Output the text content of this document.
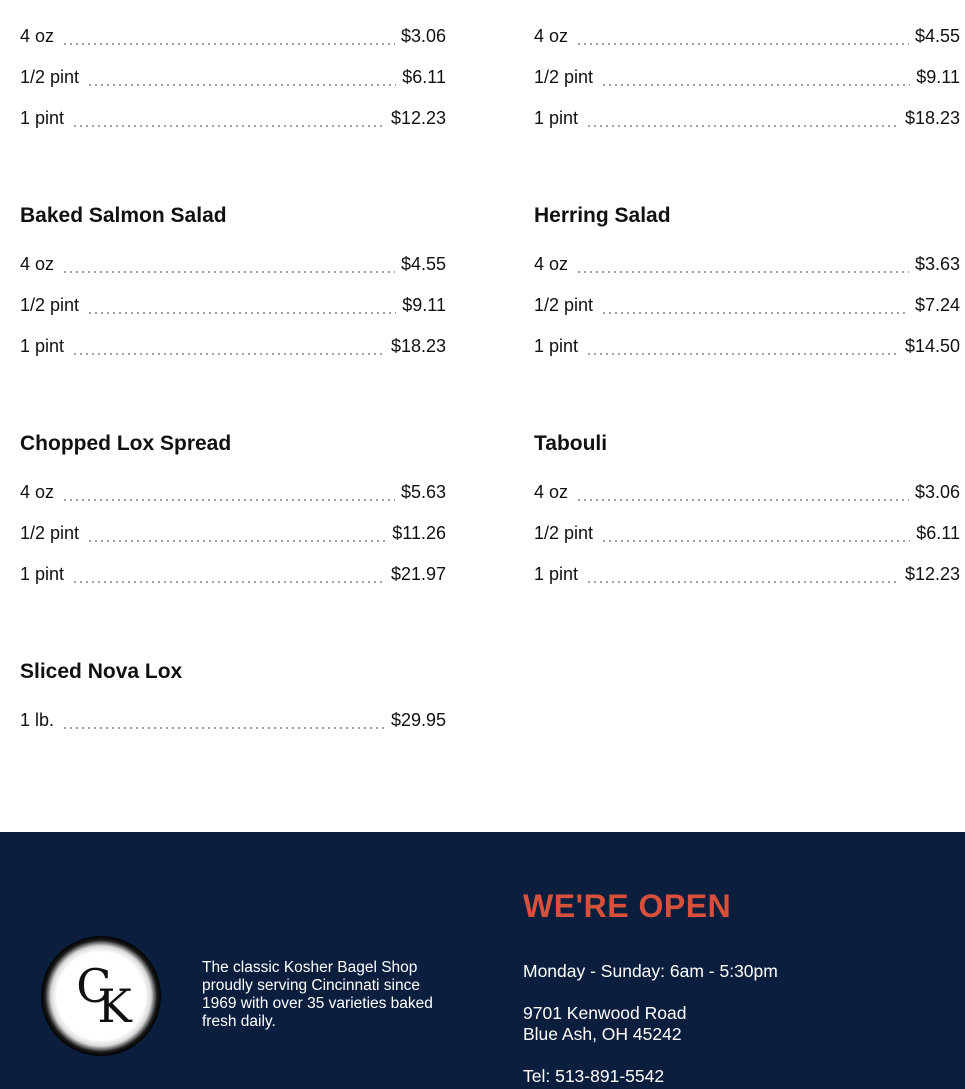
4 oz	$3.06
1/2 pint	$6.11
1 pint	$12.23
Baked Salmon Salad
4 oz	$4.55
1/2 pint	$9.11
1 pint	$18.23
Chopped Lox Spread
4 oz	$5.63
1/2 pint	$11.26
1 pint	$21.97
Sliced Nova Lox
1 lb.	$29.95
4 oz	$4.55
1/2 pint	$9.11
1 pint	$18.23
Herring Salad
4 oz	$3.63
1/2 pint	$7.24
1 pint	$14.50
Tabouli
4 oz	$3.06
1/2 pint	$6.11
1 pint	$12.23
C
K
The classic Kosher Bagel Shop proudly serving Cincinnati since 1969 with over 35 varieties baked fresh daily.
WE'RE OPEN
Monday - Sunday: 6am - 5:30pm
9701 Kenwood Road
Blue Ash, OH 45242
Tel: 513-891-5542
